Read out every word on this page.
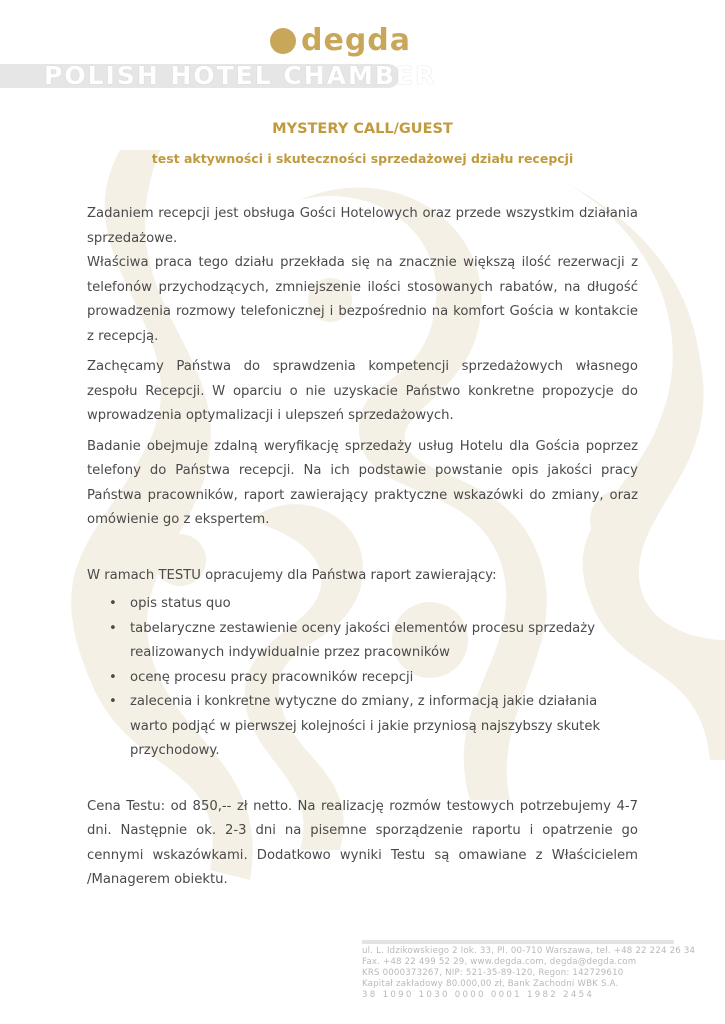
degda
POLISH HOTEL CHAMBER
MYSTERY CALL/GUEST
test aktywności i skuteczności sprzedażowej działu recepcji

Zadaniem recepcji jest obsługa Gości Hotelowych oraz przede wszystkim działania sprzedażowe.

Właściwa praca tego działu przekłada się na znacznie większą ilość rezerwacji z telefonów przychodzących, zmniejszenie ilości stosowanych rabatów, na długość prowadzenia rozmowy telefonicznej i bezpośrednio na komfort Gościa w kontakcie z recepcją.

Zachęcamy Państwa do sprawdzenia kompetencji sprzedażowych własnego zespołu Recepcji. W oparciu o nie uzyskacie Państwo konkretne propozycje do wprowadzenia optymalizacji i ulepszeń sprzedażowych.

Badanie obejmuje zdalną weryfikację sprzedaży usług Hotelu dla Gościa poprzez telefony do Państwa recepcji. Na ich podstawie powstanie opis jakości pracy Państwa pracowników, raport zawierający praktyczne wskazówki do zmiany, oraz omówienie go z ekspertem.

W ramach TESTU opracujemy dla Państwa raport zawierający:

• opis status quo
• tabelaryczne zestawienie oceny jakości elementów procesu sprzedaży realizowanych indywidualnie przez pracowników
• ocenę procesu pracy pracowników recepcji
• zalecenia i konkretne wytyczne do zmiany, z informacją jakie działania warto podjąć w pierwszej kolejności i jakie przyniosą najszybszy skutek przychodowy.

Cena Testu: od 850,-- zł netto. Na realizację rozmów testowych potrzebujemy 4-7 dni. Następnie ok. 2-3 dni na pisemne sporządzenie raportu i opatrzenie go cennymi wskazówkami. Dodatkowo wyniki Testu są omawiane z Właścicielem /Managerem obiektu.

ul. L. Idzikowskiego 2 lok. 33, Pl. 00-710 Warszawa, tel. +48 22 224 26 34
Fax. +48 22 499 52 29, www.degda.com, degda@degda.com
KRS 0000373267, NIP: 521-35-89-120, Regon: 142729610
Kapitał zakładowy 80.000,00 zł, Bank Zachodni WBK S.A.
38 1090 1030 0000 0001 1982 2454
